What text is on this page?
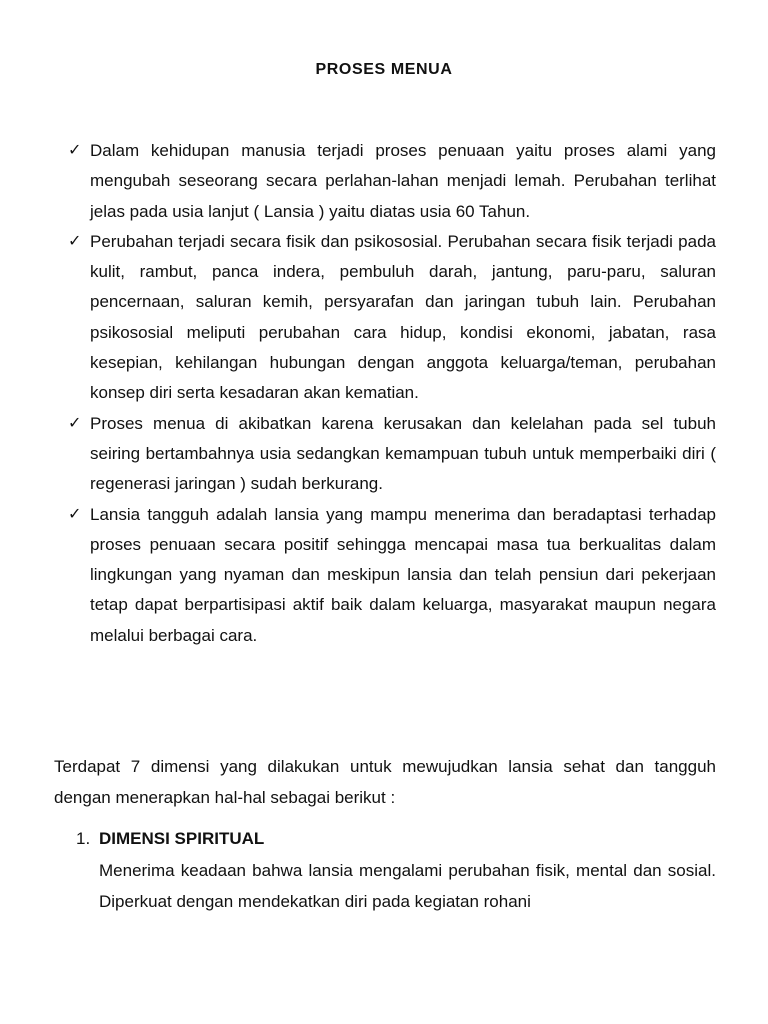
PROSES MENUA
✓ Dalam kehidupan manusia terjadi proses penuaan yaitu proses alami yang mengubah seseorang secara perlahan-lahan menjadi lemah. Perubahan terlihat jelas pada usia lanjut ( Lansia ) yaitu diatas usia 60 Tahun.
✓ Perubahan terjadi secara fisik dan psikososial. Perubahan secara fisik terjadi pada kulit, rambut, panca indera, pembuluh darah, jantung, paru-paru, saluran pencernaan, saluran kemih, persyarafan dan jaringan tubuh lain. Perubahan psikososial meliputi perubahan cara hidup, kondisi ekonomi, jabatan, rasa kesepian, kehilangan hubungan dengan anggota keluarga/teman, perubahan konsep diri serta kesadaran akan kematian.
✓ Proses menua di akibatkan karena kerusakan dan kelelahan pada sel tubuh seiring bertambahnya usia sedangkan kemampuan tubuh untuk memperbaiki diri ( regenerasi jaringan ) sudah berkurang.
✓ Lansia tangguh adalah lansia yang mampu menerima dan beradaptasi terhadap proses penuaan secara positif sehingga mencapai masa tua berkualitas dalam lingkungan yang nyaman dan meskipun lansia dan telah pensiun dari pekerjaan tetap dapat berpartisipasi aktif baik dalam keluarga, masyarakat maupun negara melalui berbagai cara.

Terdapat 7 dimensi yang dilakukan untuk mewujudkan lansia sehat dan tangguh dengan menerapkan hal-hal sebagai berikut :

1. DIMENSI SPIRITUAL
Menerima keadaan bahwa lansia mengalami perubahan fisik, mental dan sosial. Diperkuat dengan mendekatkan diri pada kegiatan rohani
